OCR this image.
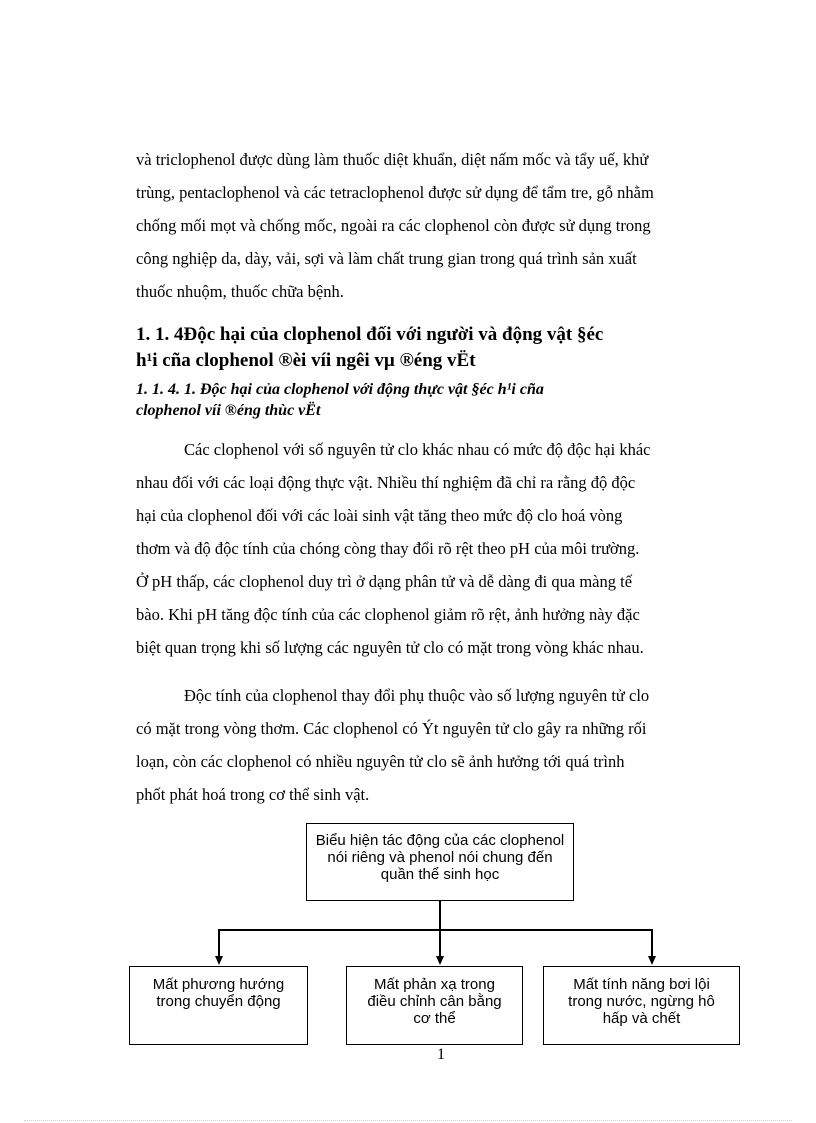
và triclophenol được dùng làm thuốc diệt khuẩn, diệt nấm mốc và tẩy uế, khử
trùng, pentaclophenol và các tetraclophenol được sử dụng để tẩm tre, gỗ nhằm
chống mối mọt và chống mốc, ngoài ra các clophenol còn được sử dụng trong
công nghiệp da, dày, vải, sợi và làm chất trung gian trong quá trình sản xuất
thuốc nhuộm, thuốc chữa bệnh.
1. 1. 4Độc hại của clophenol đối với người và động vật §éc
h¹i cña clophenol ®èi víi ngêi vµ ®éng vËt
1. 1. 4. 1. Độc hại của clophenol với động thực vật §éc h¹i cña
clophenol víi ®éng thùc vËt
Các clophenol với số nguyên tử clo khác nhau có mức độ độc hại khác
nhau đối với các loại động thực vật. Nhiều thí nghiệm đã chỉ ra rằng độ độc
hại của clophenol đối với các loài sinh vật tăng theo mức độ clo hoá vòng
thơm và độ độc tính của chóng còng thay đổi rõ rệt theo pH của môi trường.
Ở pH thấp, các clophenol duy trì ở dạng phân tử và dễ dàng đi qua màng tế
bào. Khi pH tăng độc tính của các clophenol giảm rõ rệt, ảnh hưởng này đặc
biệt quan trọng khi số lượng các nguyên tử clo có mặt trong vòng khác nhau.
Độc tính của clophenol thay đổi phụ thuộc vào số lượng nguyên tử clo
có mặt trong vòng thơm. Các clophenol có Ýt nguyên tử clo gây ra những rối
loạn, còn các clophenol có nhiều nguyên tử clo sẽ ảnh hưởng tới quá trình
phốt phát hoá trong cơ thể sinh vật.
Biểu hiện tác động của các clophenol
nói riêng và phenol nói chung đến
quần thể sinh học
Mất phương hướng
trong chuyển động
Mất phản xạ trong
điều chỉnh cân bằng
cơ thể
Mất tính năng bơi lội
trong nước, ngừng hô
hấp và chết
1
